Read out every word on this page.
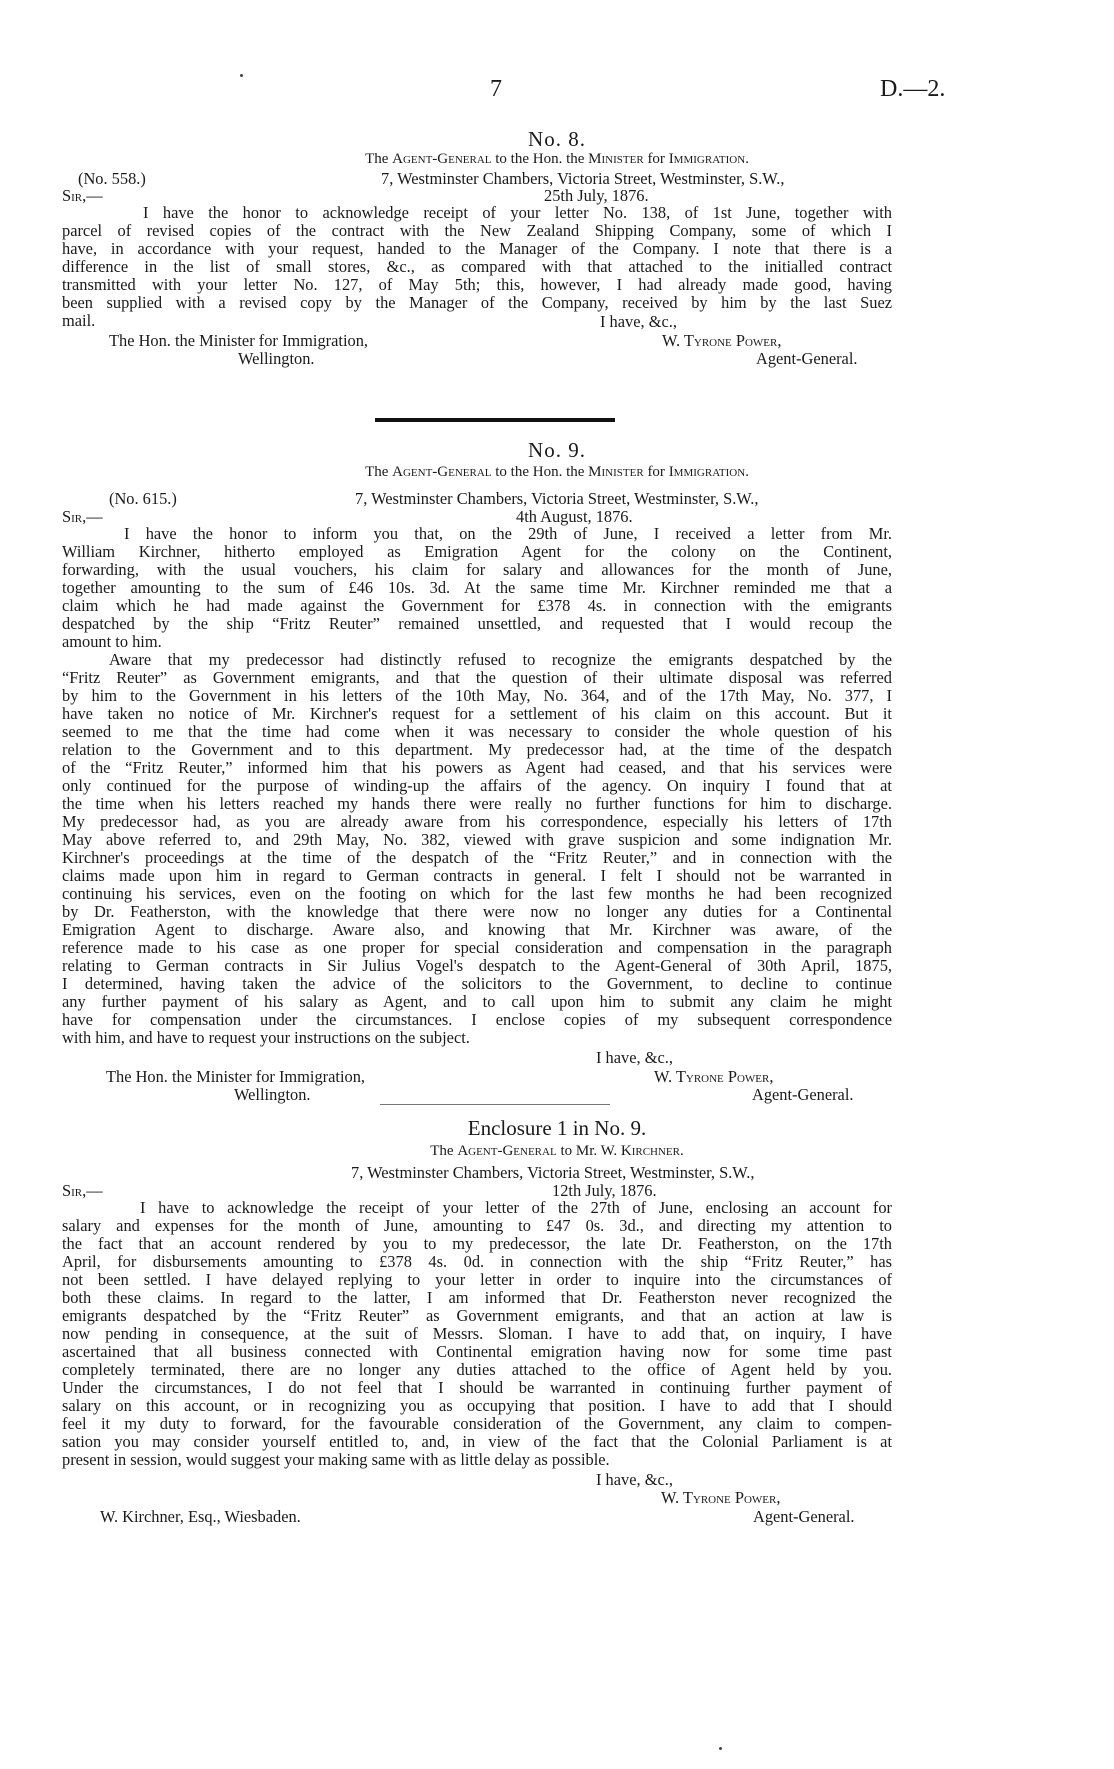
7	D.—2.
No. 8.
The Agent-General to the Hon. the Minister for Immigration.
(No. 558.)	7, Westminster Chambers, Victoria Street, Westminster, S.W.,
Sir,—	25th July, 1876.
I have the honor to acknowledge receipt of your letter No. 138, of 1st June, together with
parcel of revised copies of the contract with the New Zealand Shipping Company, some of which I
have, in accordance with your request, handed to the Manager of the Company. I note that there is a
difference in the list of small stores, &c., as compared with that attached to the initialled contract
transmitted with your letter No. 127, of May 5th; this, however, I had already made good, having
been supplied with a revised copy by the Manager of the Company, received by him by the last Suez
mail.	I have, &c.,
The Hon. the Minister for Immigration,	W. Tyrone Power,
Wellington.	Agent-General.
No. 9.
The Agent-General to the Hon. the Minister for Immigration.
(No. 615.)	7, Westminster Chambers, Victoria Street, Westminster, S.W.,
Sir,—	4th August, 1876.
I have the honor to inform you that, on the 29th of June, I received a letter from Mr.
William Kirchner, hitherto employed as Emigration Agent for the colony on the Continent,
forwarding, with the usual vouchers, his claim for salary and allowances for the month of June,
together amounting to the sum of £46 10s. 3d. At the same time Mr. Kirchner reminded me that a
claim which he had made against the Government for £378 4s. in connection with the emigrants
despatched by the ship “Fritz Reuter” remained unsettled, and requested that I would recoup the
amount to him.
Aware that my predecessor had distinctly refused to recognize the emigrants despatched by the
“Fritz Reuter” as Government emigrants, and that the question of their ultimate disposal was referred
by him to the Government in his letters of the 10th May, No. 364, and of the 17th May, No. 377, I
have taken no notice of Mr. Kirchner's request for a settlement of his claim on this account. But it
seemed to me that the time had come when it was necessary to consider the whole question of his
relation to the Government and to this department. My predecessor had, at the time of the despatch
of the “Fritz Reuter,” informed him that his powers as Agent had ceased, and that his services were
only continued for the purpose of winding-up the affairs of the agency. On inquiry I found that at
the time when his letters reached my hands there were really no further functions for him to discharge.
My predecessor had, as you are already aware from his correspondence, especially his letters of 17th
May above referred to, and 29th May, No. 382, viewed with grave suspicion and some indignation Mr.
Kirchner's proceedings at the time of the despatch of the “Fritz Reuter,” and in connection with the
claims made upon him in regard to German contracts in general. I felt I should not be warranted in
continuing his services, even on the footing on which for the last few months he had been recognized
by Dr. Featherston, with the knowledge that there were now no longer any duties for a Continental
Emigration Agent to discharge. Aware also, and knowing that Mr. Kirchner was aware, of the
reference made to his case as one proper for special consideration and compensation in the paragraph
relating to German contracts in Sir Julius Vogel's despatch to the Agent-General of 30th April, 1875,
I determined, having taken the advice of the solicitors to the Government, to decline to continue
any further payment of his salary as Agent, and to call upon him to submit any claim he might
have for compensation under the circumstances. I enclose copies of my subsequent correspondence
with him, and have to request your instructions on the subject.
I have, &c.,
The Hon. the Minister for Immigration,	W. Tyrone Power,
Wellington.	Agent-General.
Enclosure 1 in No. 9.
The Agent-General to Mr. W. Kirchner.
7, Westminster Chambers, Victoria Street, Westminster, S.W.,
Sir,—	12th July, 1876.
I have to acknowledge the receipt of your letter of the 27th of June, enclosing an account for
salary and expenses for the month of June, amounting to £47 0s. 3d., and directing my attention to
the fact that an account rendered by you to my predecessor, the late Dr. Featherston, on the 17th
April, for disbursements amounting to £378 4s. 0d. in connection with the ship “Fritz Reuter,” has
not been settled. I have delayed replying to your letter in order to inquire into the circumstances of
both these claims. In regard to the latter, I am informed that Dr. Featherston never recognized the
emigrants despatched by the “Fritz Reuter” as Government emigrants, and that an action at law is
now pending in consequence, at the suit of Messrs. Sloman. I have to add that, on inquiry, I have
ascertained that all business connected with Continental emigration having now for some time past
completely terminated, there are no longer any duties attached to the office of Agent held by you.
Under the circumstances, I do not feel that I should be warranted in continuing further payment of
salary on this account, or in recognizing you as occupying that position. I have to add that I should
feel it my duty to forward, for the favourable consideration of the Government, any claim to compen-
sation you may consider yourself entitled to, and, in view of the fact that the Colonial Parliament is at
present in session, would suggest your making same with as little delay as possible.
I have, &c.,
W. Tyrone Power,
W. Kirchner, Esq., Wiesbaden.	Agent-General.
